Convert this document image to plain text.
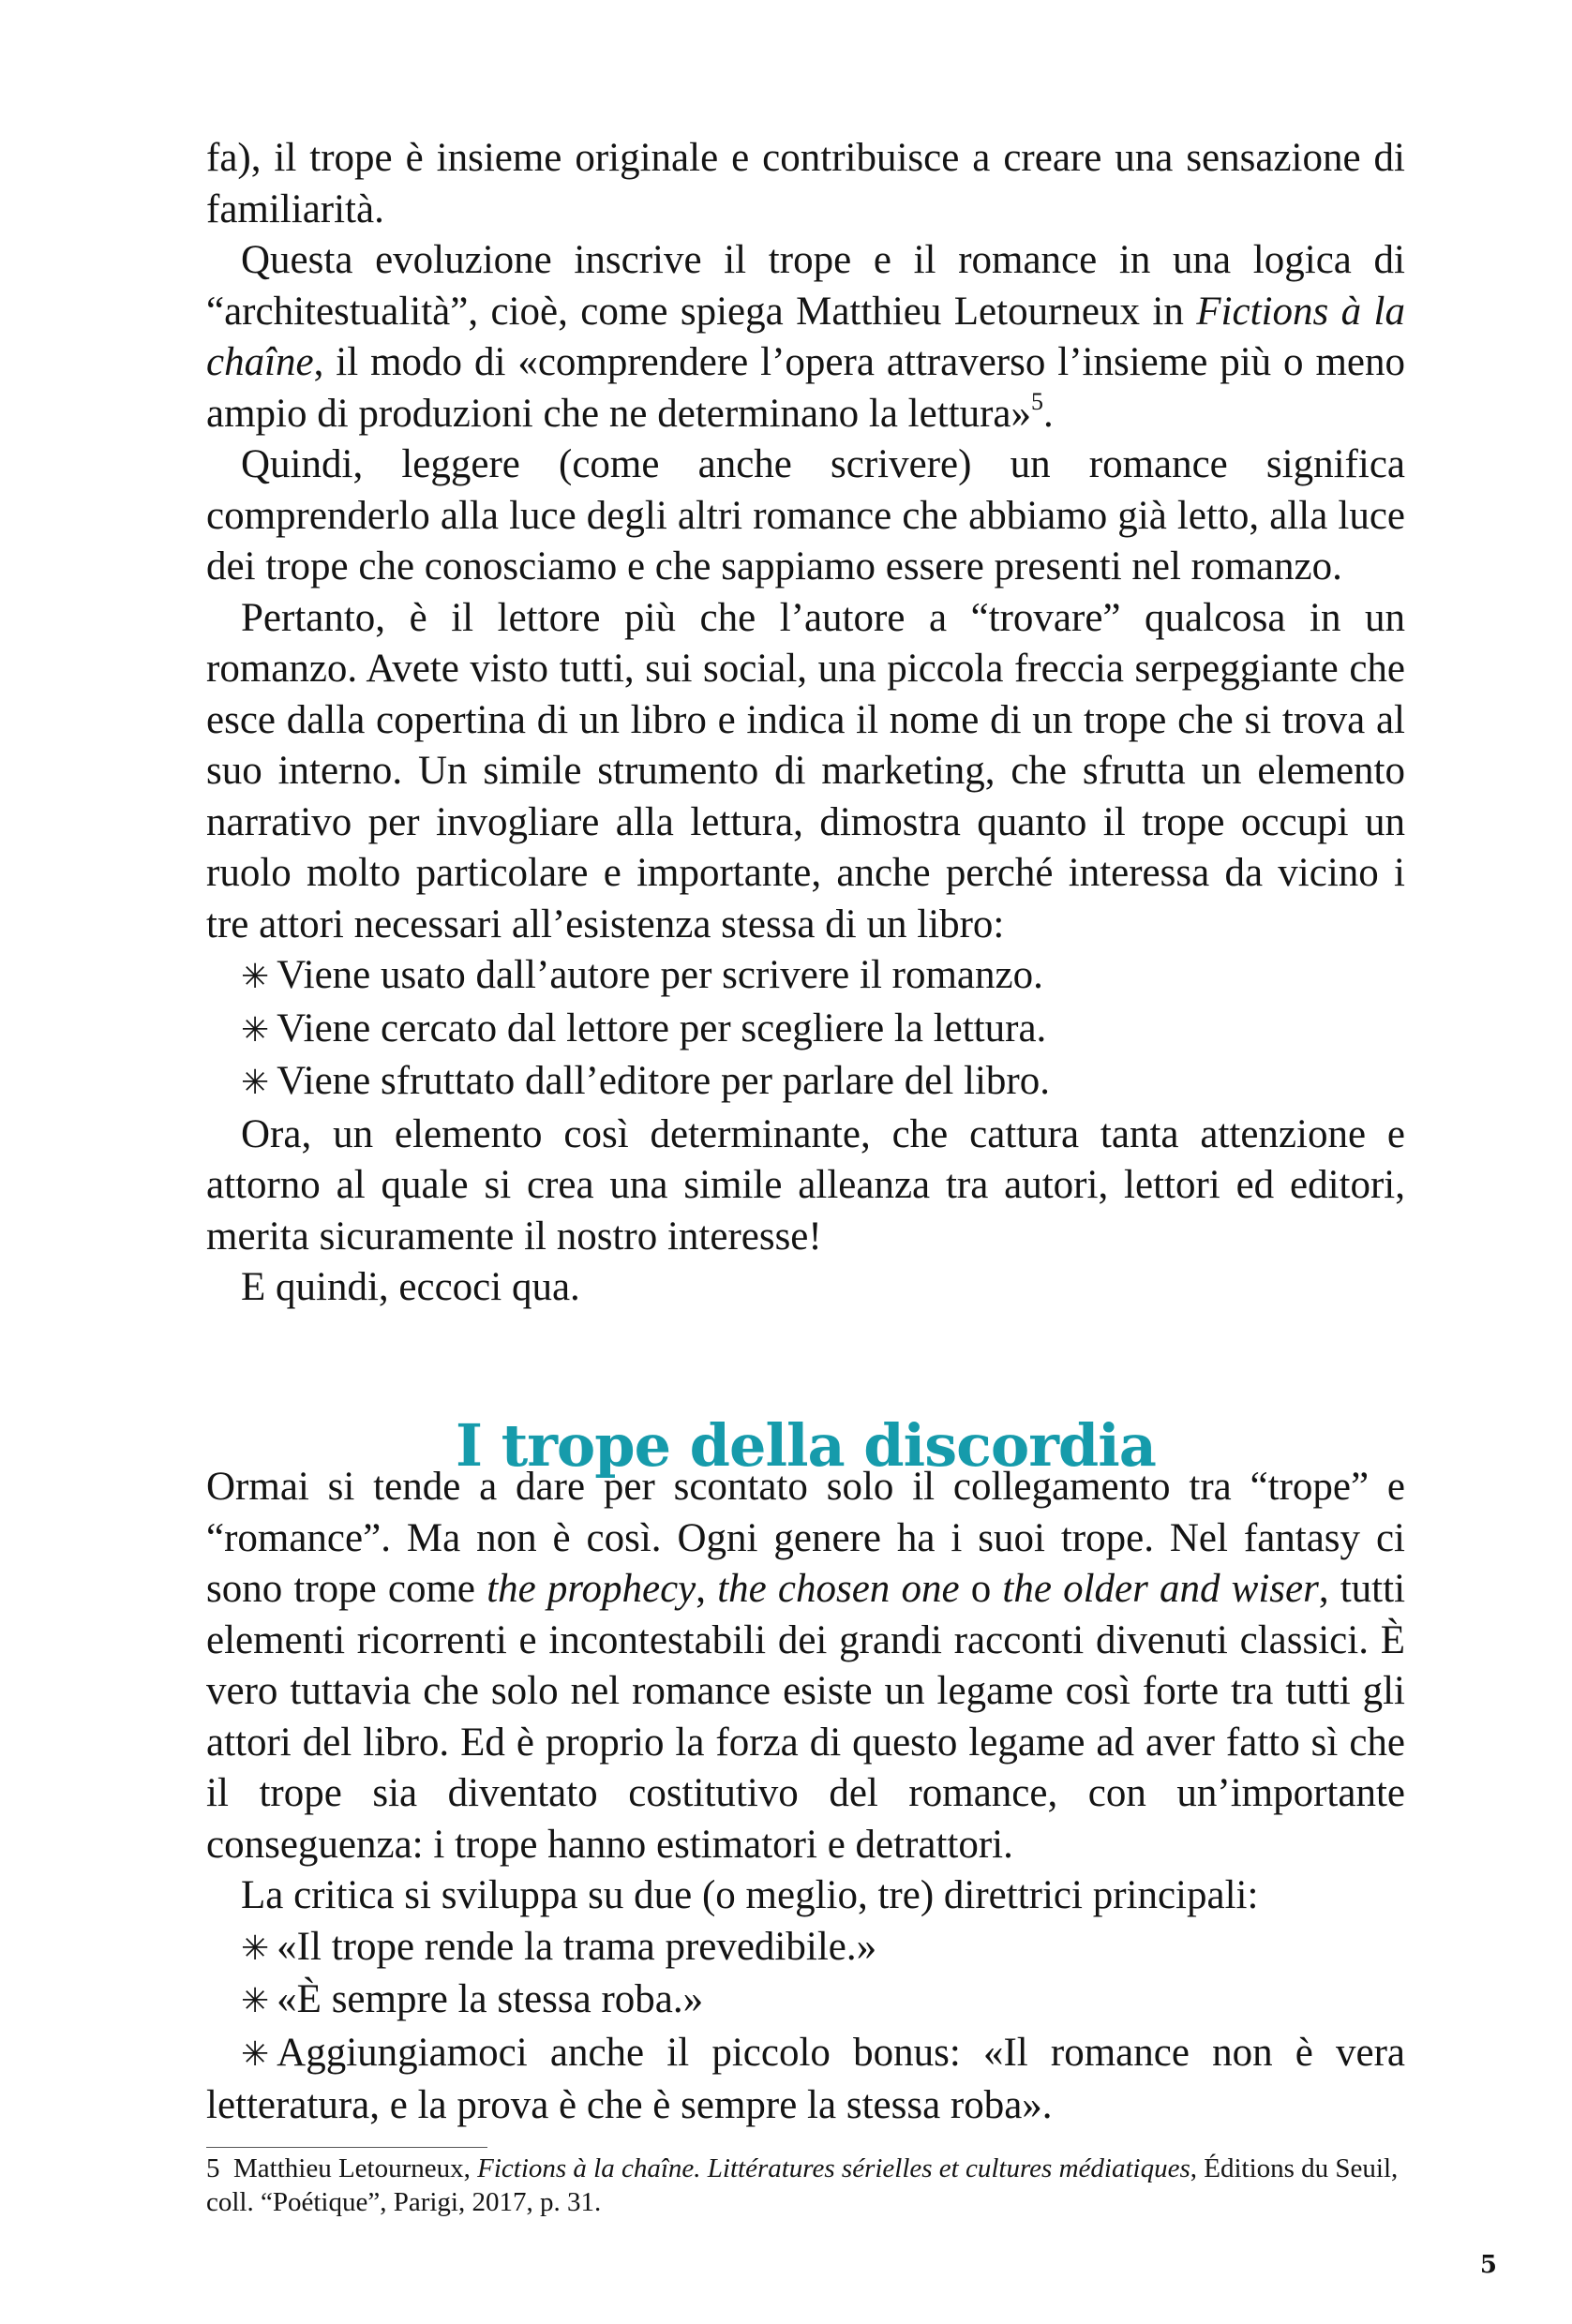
fa), il trope è insieme originale e contribuisce a creare una sensazione di familiarità.

Questa evoluzione inscrive il trope e il romance in una logica di “architestualità”, cioè, come spiega Matthieu Letourneux in Fictions à la chaîne, il modo di «comprendere l’opera attraverso l’insieme più o meno ampio di produzioni che ne determinano la lettura»$^5$.

Quindi, leggere (come anche scrivere) un romance significa comprenderlo alla luce degli altri romance che abbiamo già letto, alla luce dei trope che conosciamo e che sappiamo essere presenti nel romanzo.

Pertanto, è il lettore più che l’autore a “trovare” qualcosa in un romanzo. Avete visto tutti, sui social, una piccola freccia serpeggiante che esce dalla copertina di un libro e indica il nome di un trope che si trova al suo interno. Un simile strumento di marketing, che sfrutta un elemento narrativo per invogliare alla lettura, dimostra quanto il trope occupi un ruolo molto particolare e importante, anche perché interessa da vicino i tre attori necessari all’esistenza stessa di un libro:

✳ Viene usato dall’autore per scrivere il romanzo.

✳ Viene cercato dal lettore per scegliere la lettura.

✳ Viene sfruttato dall’editore per parlare del libro.

Ora, un elemento così determinante, che cattura tanta attenzione e attorno al quale si crea una simile alleanza tra autori, lettori ed editori, merita sicuramente il nostro interesse!

E quindi, eccoci qua.

I trope della discordia

Ormai si tende a dare per scontato solo il collegamento tra “trope” e “romance”. Ma non è così. Ogni genere ha i suoi trope. Nel fantasy ci sono trope come the prophecy, the chosen one o the older and wiser, tutti elementi ricorrenti e incontestabili dei grandi racconti divenuti classici. È vero tuttavia che solo nel romance esiste un legame così forte tra tutti gli attori del libro. Ed è proprio la forza di questo legame ad aver fatto sì che il trope sia diventato costitutivo del romance, con un’importante conseguenza: i trope hanno estimatori e detrattori.

La critica si sviluppa su due (o meglio, tre) direttrici principali:

✳ «Il trope rende la trama prevedibile.»

✳ «È sempre la stessa roba.»

✳ Aggiungiamoci anche il piccolo bonus: «Il romance non è vera letteratura, e la prova è che è sempre la stessa roba».

5 Matthieu Letourneux, Fictions à la chaîne. Littératures sérielles et cultures médiatiques, Éditions du Seuil, coll. “Poétique”, Parigi, 2017, p. 31.

5
